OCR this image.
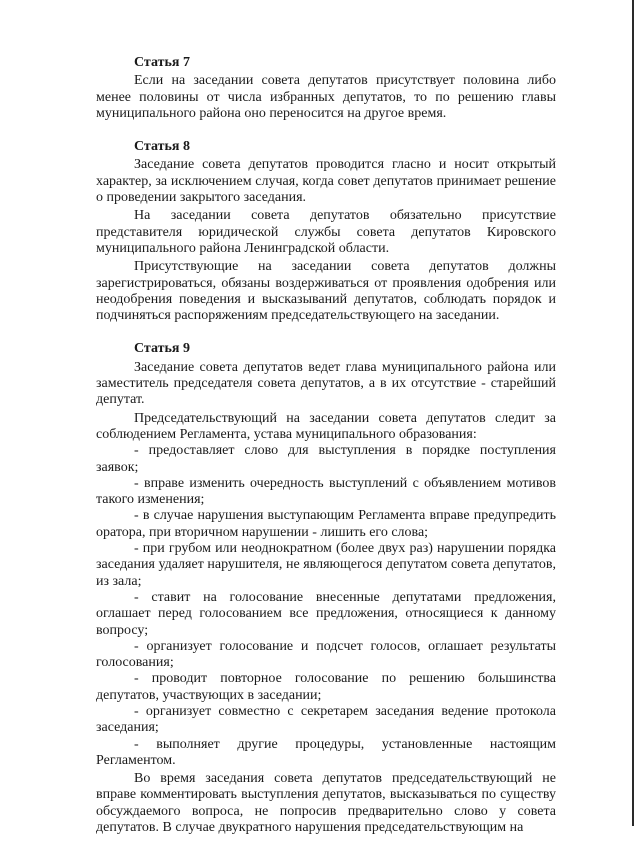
Статья 7

Если на заседании совета депутатов присутствует половина либо менее половины от числа избранных депутатов, то по решению главы муниципального района оно переносится на другое время.

Статья 8

Заседание совета депутатов проводится гласно и носит открытый характер, за исключением случая, когда совет депутатов принимает решение о проведении закрытого заседания.

На заседании совета депутатов обязательно присутствие представителя юридической службы совета депутатов Кировского муниципального района Ленинградской области.

Присутствующие на заседании совета депутатов должны зарегистрироваться, обязаны воздерживаться от проявления одобрения или неодобрения поведения и высказываний депутатов, соблюдать порядок и подчиняться распоряжениям председательствующего на заседании.

Статья 9

Заседание совета депутатов ведет глава муниципального района или заместитель председателя совета депутатов, а в их отсутствие - старейший депутат.

Председательствующий на заседании совета депутатов следит за соблюдением Регламента, устава муниципального образования:

- предоставляет слово для выступления в порядке поступления заявок;

- вправе изменить очередность выступлений с объявлением мотивов такого изменения;

- в случае нарушения выступающим Регламента вправе предупредить оратора, при вторичном нарушении - лишить его слова;

- при грубом или неоднократном (более двух раз) нарушении порядка заседания удаляет нарушителя, не являющегося депутатом совета депутатов, из зала;

- ставит на голосование внесенные депутатами предложения, оглашает перед голосованием все предложения, относящиеся к данному вопросу;

- организует голосование и подсчет голосов, оглашает результаты голосования;

- проводит повторное голосование по решению большинства депутатов, участвующих в заседании;

- организует совместно с секретарем заседания ведение протокола заседания;

- выполняет другие процедуры, установленные настоящим Регламентом.

Во время заседания совета депутатов председательствующий не вправе комментировать выступления депутатов, высказываться по существу обсуждаемого вопроса, не попросив предварительно слово у совета депутатов. В случае двукратного нарушения председательствующим на
